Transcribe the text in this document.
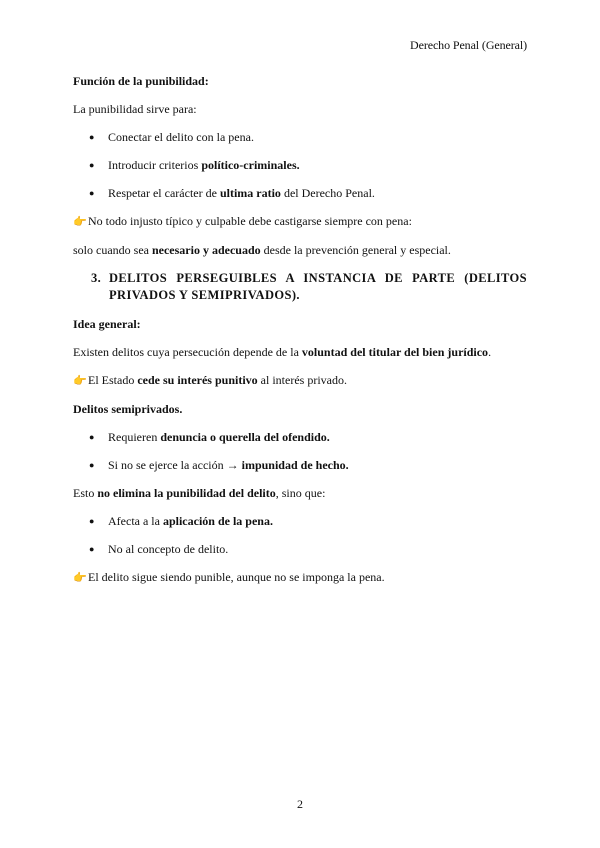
Derecho Penal (General)

Función de la punibilidad:

La punibilidad sirve para:

● Conectar el delito con la pena.
● Introducir criterios político-criminales.
● Respetar el carácter de ultima ratio del Derecho Penal.

👉No todo injusto típico y culpable debe castigarse siempre con pena:

solo cuando sea necesario y adecuado desde la prevención general y especial.

3. DELITOS PERSEGUIBLES A INSTANCIA DE PARTE (DELITOS PRIVADOS Y SEMIPRIVADOS).

Idea general:

Existen delitos cuya persecución depende de la voluntad del titular del bien jurídico.

👉El Estado cede su interés punitivo al interés privado.

Delitos semiprivados.

● Requieren denuncia o querella del ofendido.
● Si no se ejerce la acción → impunidad de hecho.

Esto no elimina la punibilidad del delito, sino que:

● Afecta a la aplicación de la pena.
● No al concepto de delito.

👉El delito sigue siendo punible, aunque no se imponga la pena.

2
